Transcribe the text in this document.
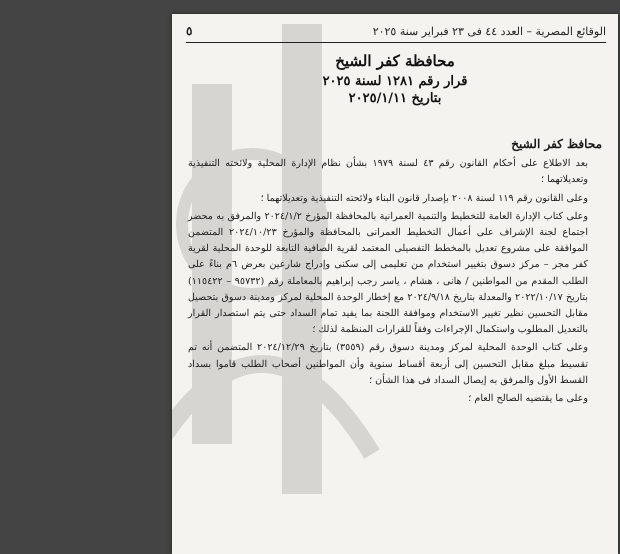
الوقائع المصرية – العدد ٤٤ فى ٢٣ فبراير سنة ٢٠٢٥
٥
محافظة كفر الشيخ
قرار رقم ١٢٨١ لسنة ٢٠٢٥
بتاريخ ٢٠٢٥/١/١١
محافظ كفر الشيخ

بعد الاطلاع على أحكام القانون رقم ٤٣ لسنة ١٩٧٩ بشأن نظام الإدارة المحلية ولائحته التنفيذية وتعديلاتهما ؛

وعلى القانون رقم ١١٩ لسنة ٢٠٠٨ بإصدار قانون البناء ولائحته التنفيذية وتعديلاتهما ؛

وعلى كتاب الإدارة العامة للتخطيط والتنمية العمرانية بالمحافظة المؤرخ ٢٠٢٤/١/٢ والمرفق به محضر اجتماع لجنة الإشراف على أعمال التخطيط العمرانى بالمحافظة والمؤرخ ٢٠٢٤/١٠/٢٣ المتضمن الموافقة على مشروع تعديل بالمخطط التفصيلى المعتمد لقرية الصافية التابعة للوحدة المحلية لقرية كفر مجر – مركز دسوق بتغيير استخدام من تعليمى إلى سكنى وإدراج شارعين بعرض ٦م بناءً على الطلب المقدم من المواطنين / هانى ، هشام ، ياسر رجب إبراهيم بالمعاملة رقم (٩٥٧٣٢ – ١١٥٤٢٢) بتاريخ ٢٠٢٢/١٠/١٧ والمعدلة بتاريخ ٢٠٢٤/٩/١٨ مع إخطار الوحدة المحلية لمركز ومدينة دسوق بتحصيل مقابل التحسين نظير تغيير الاستخدام وموافقة اللجنة بما يفيد تمام السداد حتى يتم استصدار القرار بالتعديل المطلوب واستكمال الإجراءات وفقاً للقرارات المنظمة لذلك ؛

وعلى كتاب الوحدة المحلية لمركز ومدينة دسوق رقم (٣٥٥٩) بتاريخ ٢٠٢٤/١٢/٢٩ المتضمن أنه تم تقسيط مبلغ مقابل التحسين إلى أربعة أقساط سنوية وأن المواطنين أصحاب الطلب قاموا بسداد القسط الأول والمرفق به إيصال السداد فى هذا الشأن ؛

وعلى ما يقتضيه الصالح العام ؛
